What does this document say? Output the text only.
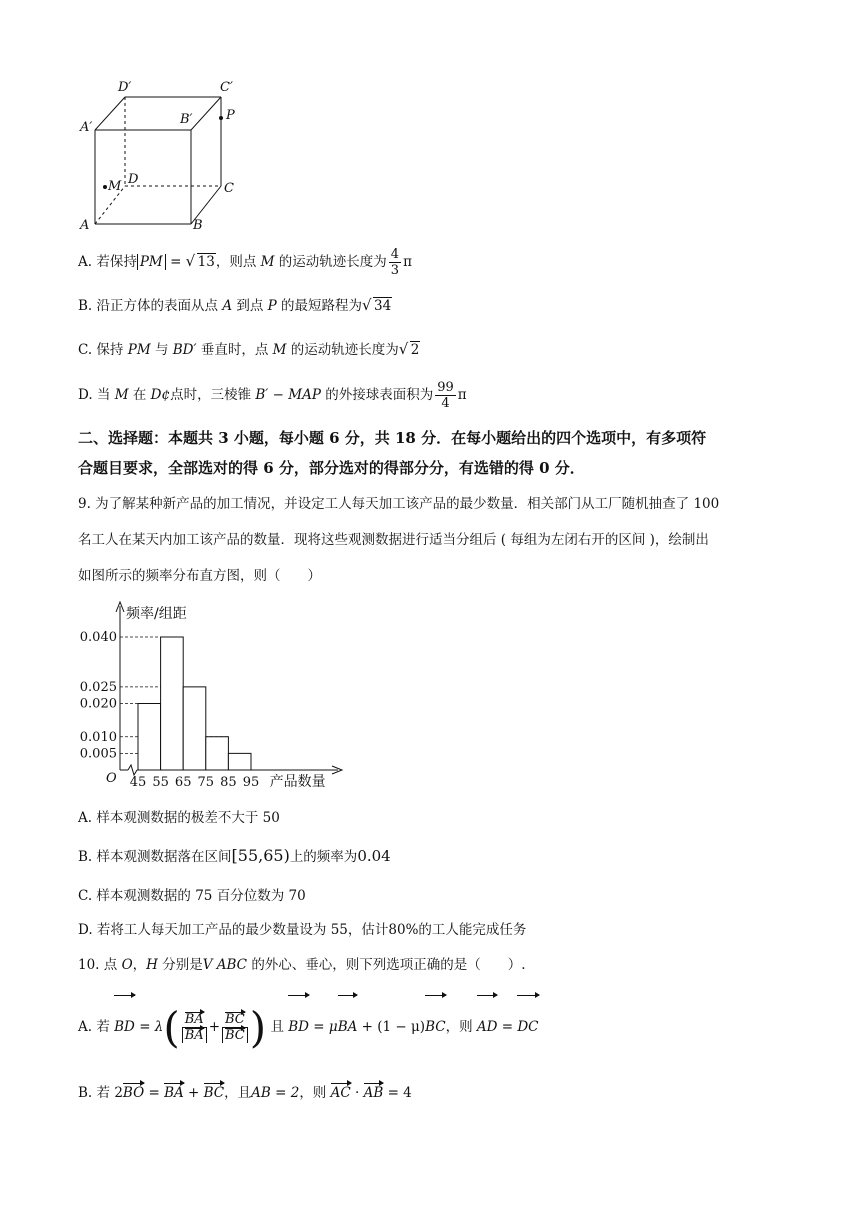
D′	C′
A′
B′	P
M D
C
A	B
A. 若保持 PM = √ 13，则点 M 的运动轨迹长度为 $\frac{4}{3}$ π
B. 沿正方体的表面从点 A 到点 P 的最短路程为 √ 34
C. 保持 PM 与 BD′ 垂直时，点 M 的运动轨迹长度为 √ 2
D. 当 M 在 D¢点时，三棱锥 B′ − MAP 的外接球表面积为 $\frac{99}{4}$ π
二、选择题：本题共 3 小题，每小题 6 分，共 18 分．在每小题给出的四个选项中，有多项符
合题目要求，全部选对的得 6 分，部分选对的得部分分，有选错的得 0 分．
9. 为了解某种新产品的加工情况，并设定工人每天加工该产品的最少数量．相关部门从工厂随机抽查了 100
名工人在某天内加工该产品的数量．现将这些观测数据进行适当分组后 ( 每组为左闭右开的区间 )，绘制出
如图所示的频率分布直方图，则（　　）
0.005
0.010
0.020
0.025
0.040
45 55 65 75 85 95
O
频率/组距
产品数量
A. 样本观测数据的极差不大于 50
B. 样本观测数据落在区间[55,65)上的频率为0.04
C. 样本观测数据的 75 百分位数为 70
D. 若将工人每天加工产品的最少数量设为 55，估计80%的工人能完成任务
10. 点 O，H 分别是V ABC 的外心、垂心，则下列选项正确的是（　　）.
A. 若 BD = $\lambda( \frac{BA}{BA} + \frac{BC}{BC}$ ) 且 BD = μBA + (1 − μ)BC，则 AD = DC
B. 若 2BO = BA + BC，且AB = 2，则 AC · AB = 4
